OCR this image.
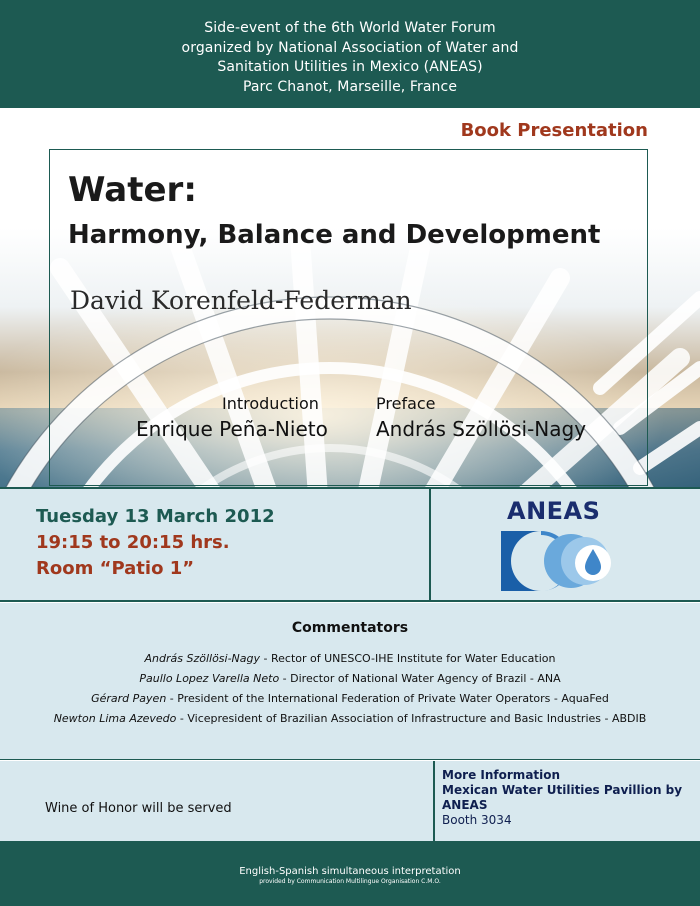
Side-event of the 6th World Water Forum
organized by National Association of Water and
Sanitation Utilities in Mexico (ANEAS)
Parc Chanot, Marseille, France
Book Presentation
Water:
Harmony, Balance and Development
David Korenfeld-Federman
Introduction
Enrique Peña-Nieto
Preface
András Szöllösi-Nagy
Tuesday 13 March 2012
19:15 to 20:15 hrs.
Room “Patio 1”
ANEAS
Commentators
András Szöllösi-Nagy - Rector of UNESCO-IHE Institute for Water Education
Paullo Lopez Varella Neto - Director of National Water Agency of Brazil - ANA
Gérard Payen - President of the International Federation of Private Water Operators - AquaFed
Newton Lima Azevedo - Vicepresident of Brazilian Association of Infrastructure and Basic Industries - ABDIB
Wine of Honor will be served
More Information
Mexican Water Utilities Pavillion by
ANEAS
Booth 3034
English-Spanish simultaneous interpretation
provided by Communication Multilingue Organisation C.M.O.
